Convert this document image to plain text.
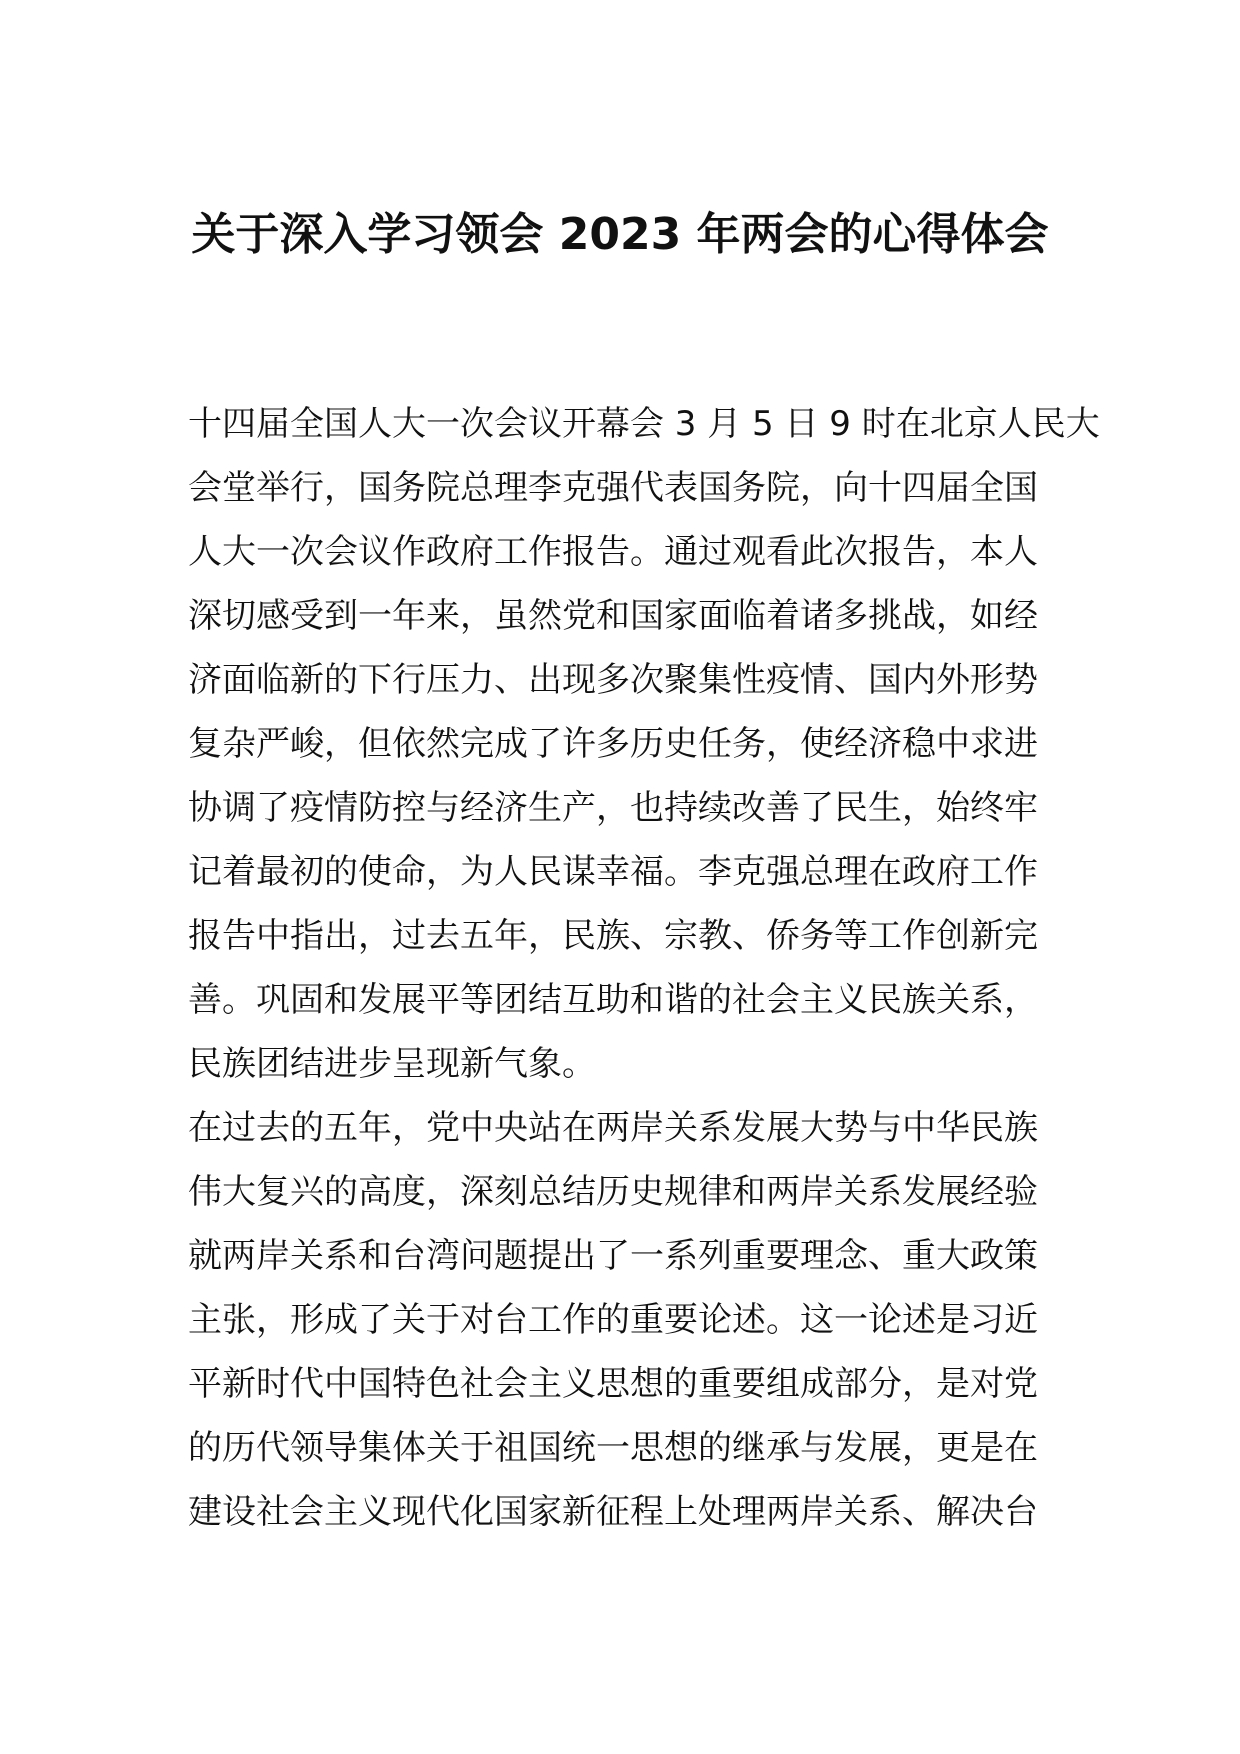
关于深入学习领会 2023 年两会的心得体会

十四届全国人大一次会议开幕会 3 月 5 日 9 时在北京人民大

会堂举行，国务院总理李克强代表国务院，向十四届全国

人大一次会议作政府工作报告。通过观看此次报告，本人

深切感受到一年来，虽然党和国家面临着诸多挑战，如经

济面临新的下行压力、出现多次聚集性疫情、国内外形势

复杂严峻，但依然完成了许多历史任务，使经济稳中求进

协调了疫情防控与经济生产，也持续改善了民生，始终牢

记着最初的使命，为人民谋幸福。李克强总理在政府工作

报告中指出，过去五年，民族、宗教、侨务等工作创新完

善。巩固和发展平等团结互助和谐的社会主义民族关系，

民族团结进步呈现新气象。

在过去的五年，党中央站在两岸关系发展大势与中华民族

伟大复兴的高度，深刻总结历史规律和两岸关系发展经验

就两岸关系和台湾问题提出了一系列重要理念、重大政策

主张，形成了关于对台工作的重要论述。这一论述是习近

平新时代中国特色社会主义思想的重要组成部分，是对党

的历代领导集体关于祖国统一思想的继承与发展，更是在

建设社会主义现代化国家新征程上处理两岸关系、解决台
